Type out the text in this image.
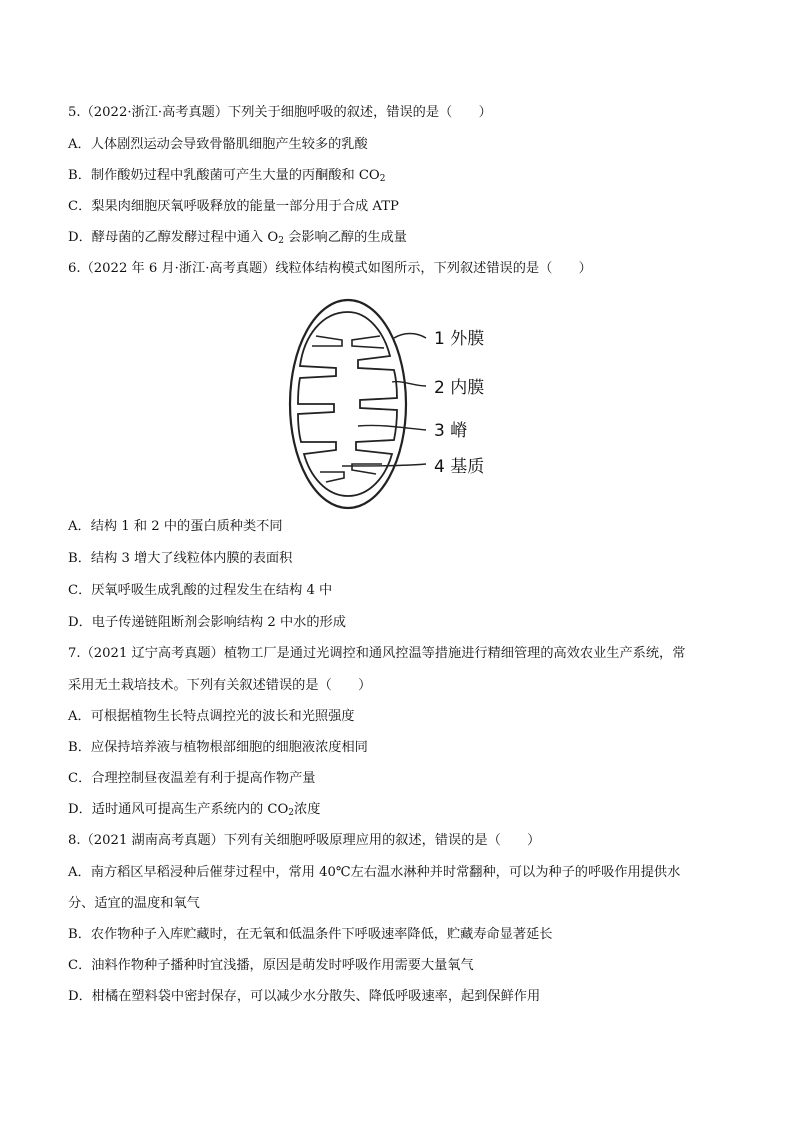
5.（2022·浙江·高考真题）下列关于细胞呼吸的叙述，错误的是（　　）
A．人体剧烈运动会导致骨骼肌细胞产生较多的乳酸
B．制作酸奶过程中乳酸菌可产生大量的丙酮酸和 $CO_2$
C．梨果肉细胞厌氧呼吸释放的能量一部分用于合成 ATP
D．酵母菌的乙醇发酵过程中通入 $O_2$ 会影响乙醇的生成量
6.（2022 年 6 月·浙江·高考真题）线粒体结构模式如图所示，下列叙述错误的是（　　）
1 外膜
2 内膜
3 嵴
4 基质
A．结构 1 和 2 中的蛋白质种类不同
B．结构 3 增大了线粒体内膜的表面积
C．厌氧呼吸生成乳酸的过程发生在结构 4 中
D．电子传递链阻断剂会影响结构 2 中水的形成
7.（2021 辽宁高考真题）植物工厂是通过光调控和通风控温等措施进行精细管理的高效农业生产系统，常
采用无土栽培技术。下列有关叙述错误的是（　　）
A．可根据植物生长特点调控光的波长和光照强度
B．应保持培养液与植物根部细胞的细胞液浓度相同
C．合理控制昼夜温差有利于提高作物产量
D．适时通风可提高生产系统内的 $CO_2$浓度
8.（2021 湖南高考真题）下列有关细胞呼吸原理应用的叙述，错误的是（　　）
A．南方稻区早稻浸种后催芽过程中，常用 40℃左右温水淋种并时常翻种，可以为种子的呼吸作用提供水
分、适宜的温度和氧气
B．农作物种子入库贮藏时，在无氧和低温条件下呼吸速率降低，贮藏寿命显著延长
C．油料作物种子播种时宜浅播，原因是萌发时呼吸作用需要大量氧气
D．柑橘在塑料袋中密封保存，可以减少水分散失、降低呼吸速率，起到保鲜作用
